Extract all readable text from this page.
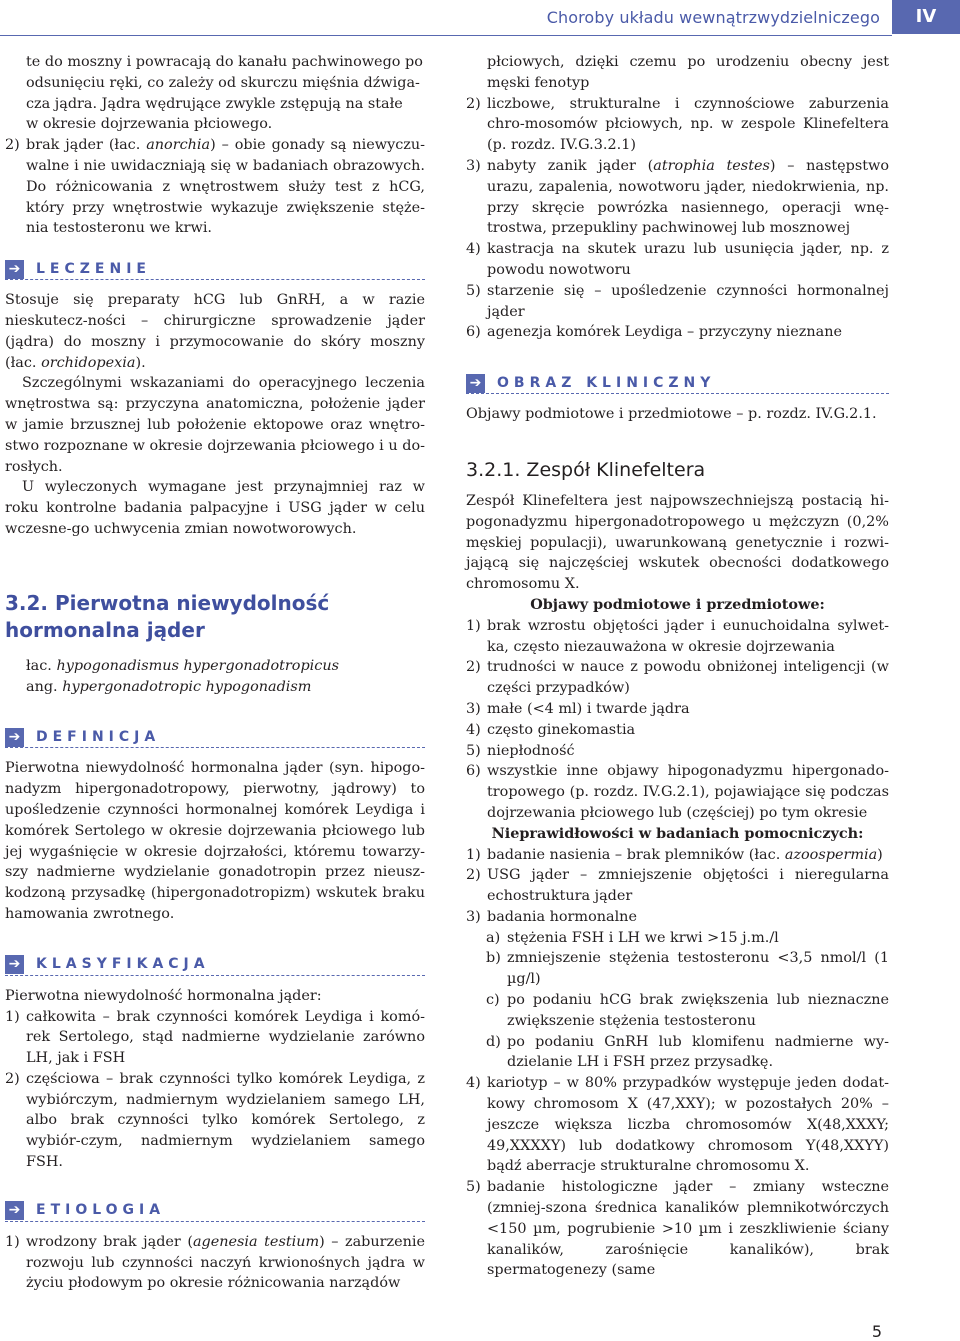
Choroby układu wewnątrzwydzielniczego	IV
te do moszny i powracają do kanału pachwinowego po
odsunięciu ręki, co zależy od skurczu mięśnia dźwiga-
cza jądra. Jądra wędrujące zwykle zstępują na stałe
w okresie dojrzewania płciowego.
2) brak jąder (łac. anorchia) – obie gonady są niewyczu-walne i nie uwidaczniają się w badaniach obrazowych. Do różnicowania z wnętrostwem służy test z hCG, który przy wnętrostwie wykazuje zwiększenie stęże-nia testosteronu we krwi.
➔ LECZENIE

Stosuje się preparaty hCG lub GnRH, a w razie nieskutecz-ności – chirurgiczne sprowadzenie jąder (jądra) do moszny i przymocowanie do skóry moszny (łac. orchidopexia).

Szczególnymi wskazaniami do operacyjnego leczenia wnętrostwa są: przyczyna anatomiczna, położenie jąder w jamie brzusznej lub położenie ektopowe oraz wnętro-stwo rozpoznane w okresie dojrzewania płciowego i u do-rosłych.

U wyleczonych wymagane jest przynajmniej raz w roku kontrolne badania palpacyjne i USG jąder w celu wczesne-go uchwycenia zmian nowotworowych.

3.2. Pierwotna niewydolność
hormonalna jąder
łac. hypogonadismus hypergonadotropicus
ang. hypergonadotropic hypogonadism
➔ DEFINICJA

Pierwotna niewydolność hormonalna jąder (syn. hipogo-nadyzm hipergonadotropowy, pierwotny, jądrowy) to upośledzenie czynności hormonalnej komórek Leydiga i komórek Sertolego w okresie dojrzewania płciowego lub jej wygaśnięcie w okresie dojrzałości, któremu towarzy-szy nadmierne wydzielanie gonadotropin przez nieusz-kodzoną przysadkę (hipergonadotropizm) wskutek braku hamowania zwrotnego.

➔ KLASYFIKACJA

Pierwotna niewydolność hormonalna jąder:

1) całkowita – brak czynności komórek Leydiga i komó-rek Sertolego, stąd nadmierne wydzielanie zarówno LH, jak i FSH
2) częściowa – brak czynności tylko komórek Leydiga, z wybiórczym, nadmiernym wydzielaniem samego LH, albo brak czynności tylko komórek Sertolego, z wybiór-czym, nadmiernym wydzielaniem samego FSH.
➔ ETIOLOGIA
1) wrodzony brak jąder (agenesia testium) – zaburzenie rozwoju lub czynności naczyń krwionośnych jądra w życiu płodowym po okresie różnicowania narządów
płciowych, dzięki czemu po urodzeniu obecny jest męski fenotyp
2) liczbowe, strukturalne i czynnościowe zaburzenia chro-mosomów płciowych, np. w zespole Klinefeltera (p. rozdz. IV.G.3.2.1)
3) nabyty zanik jąder (atrophia testes) – następstwo urazu, zapalenia, nowotworu jąder, niedokrwienia, np. przy skręcie powrózka nasiennego, operacji wnę-trostwa, przepukliny pachwinowej lub mosznowej
4) kastracja na skutek urazu lub usunięcia jąder, np. z powodu nowotworu
5) starzenie się – upośledzenie czynności hormonalnej jąder
6) agenezja komórek Leydiga – przyczyny nieznane
➔ OBRAZ KLINICZNY

Objawy podmiotowe i przedmiotowe – p. rozdz. IV.G.2.1.

3.2.1. Zespół Klinefeltera

Zespół Klinefeltera jest najpowszechniejszą postacią hi-pogonadyzmu hipergonadotropowego u mężczyzn (0,2% męskiej populacji), uwarunkowaną genetycznie i rozwi-jającą się najczęściej wskutek obecności dodatkowego chromosomu X.

Objawy podmiotowe i przedmiotowe:
1) brak wzrostu objętości jąder i eunuchoidalna sylwet-ka, często niezauważona w okresie dojrzewania
2) trudności w nauce z powodu obniżonej inteligencji (w części przypadków)
3) małe (<4 ml) i twarde jądra
4) często ginekomastia
5) niepłodność
6) wszystkie inne objawy hipogonadyzmu hipergonado-tropowego (p. rozdz. IV.G.2.1), pojawiające się podczas dojrzewania płciowego lub (częściej) po tym okresie
Nieprawidłowości w badaniach pomocniczych:
1) badanie nasienia – brak plemników (łac. azoospermia)
2) USG jąder – zmniejszenie objętości i nieregularna echostruktura jąder
3) badania hormonalne
a) stężenia FSH i LH we krwi >15 j.m./l
b) zmniejszenie stężenia testosteronu <3,5 nmol/l (1 µg/l)
c) po podaniu hCG brak zwiększenia lub nieznaczne zwiększenie stężenia testosteronu
d) po podaniu GnRH lub klomifenu nadmierne wy-dzielanie LH i FSH przez przysadkę.
4) kariotyp – w 80% przypadków występuje jeden dodat-kowy chromosom X (47,XXY); w pozostałych 20% – jeszcze większa liczba chromosomów X(48,XXXY; 49,XXXXY) lub dodatkowy chromosom Y(48,XXYY) bądź aberracje strukturalne chromosomu X.
5) badanie histologiczne jąder – zmiany wsteczne (zmniej-szona średnica kanalików plemnikotwórczych <150 µm, pogrubienie >10 µm i zeszkliwienie ściany kanalików, zarośnięcie kanalików), brak spermatogenezy (same
5
